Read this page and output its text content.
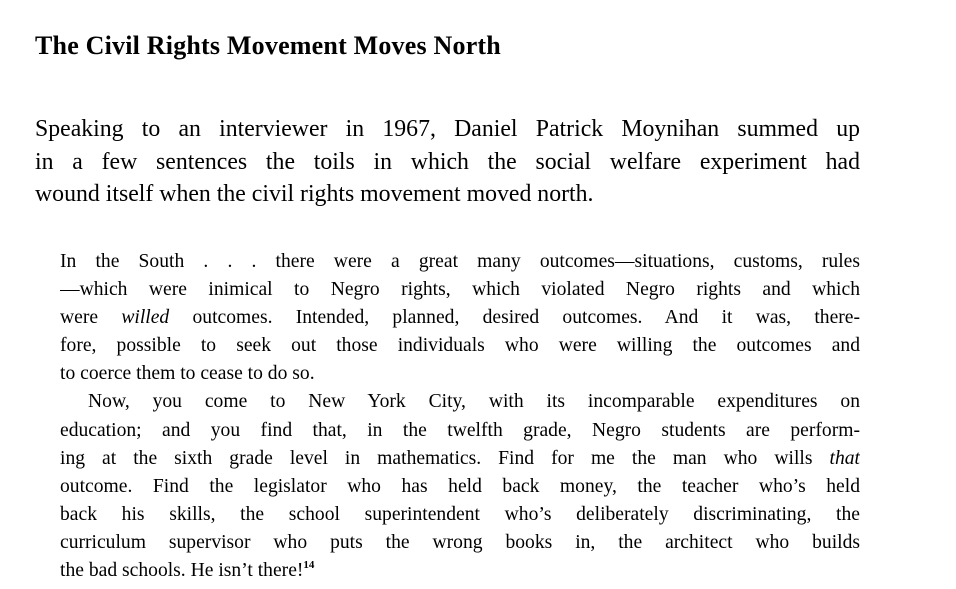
The Civil Rights Movement Moves North
Speaking to an interviewer in 1967, Daniel Patrick Moynihan summed up
in a few sentences the toils in which the social welfare experiment had
wound itself when the civil rights movement moved north.

In the South . . . there were a great many outcomes—situations, customs, rules
—which were inimical to Negro rights, which violated Negro rights and which
were willed outcomes. Intended, planned, desired outcomes. And it was, there-
fore, possible to seek out those individuals who were willing the outcomes and
to coerce them to cease to do so.

Now, you come to New York City, with its incomparable expenditures on
education; and you find that, in the twelfth grade, Negro students are perform-
ing at the sixth grade level in mathematics. Find for me the man who wills that
outcome. Find the legislator who has held back money, the teacher who’s held
back his skills, the school superintendent who’s deliberately discriminating, the
curriculum supervisor who puts the wrong books in, the architect who builds
the bad schools. He isn’t there!$^{14}$
